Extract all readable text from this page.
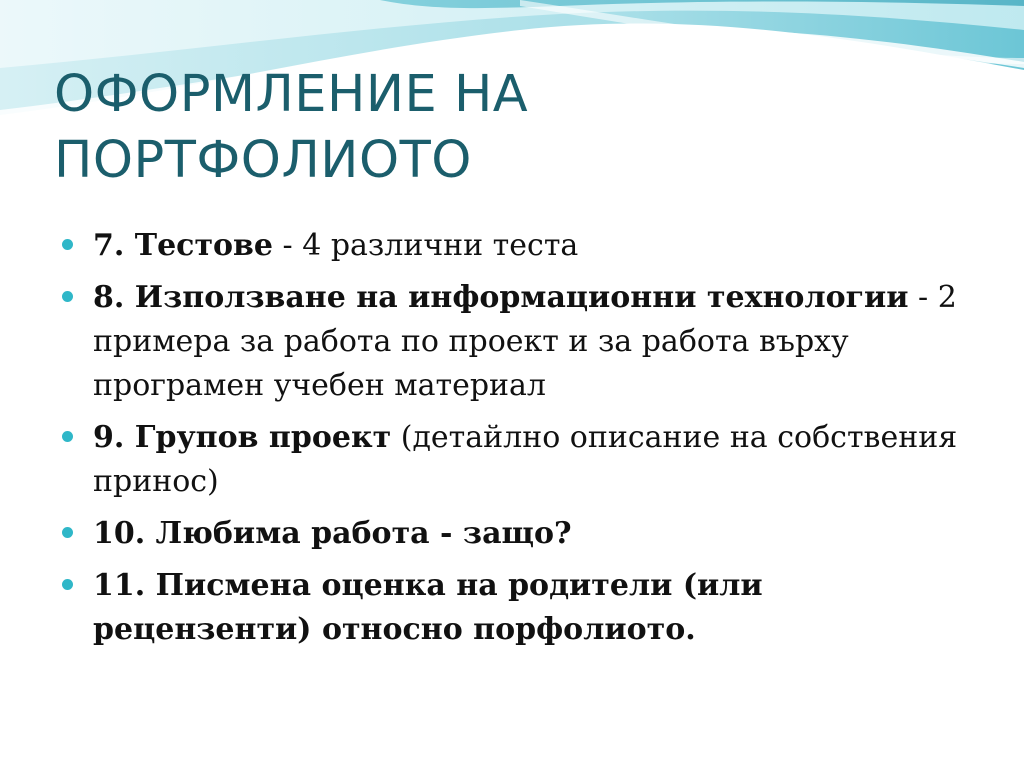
ОФОРМЛЕНИЕ НА
ПОРТФОЛИОТО
7. Тестове - 4 различни теста
8. Използване на информационни технологии - 2 примера за работа по проект и за работа върху програмен учебен материал
9. Групов проект (детайлно описание на собствения принос)
10. Любима работа - защо?
11. Писмена оценка на родители (или рецензенти) относно порфолиото.
